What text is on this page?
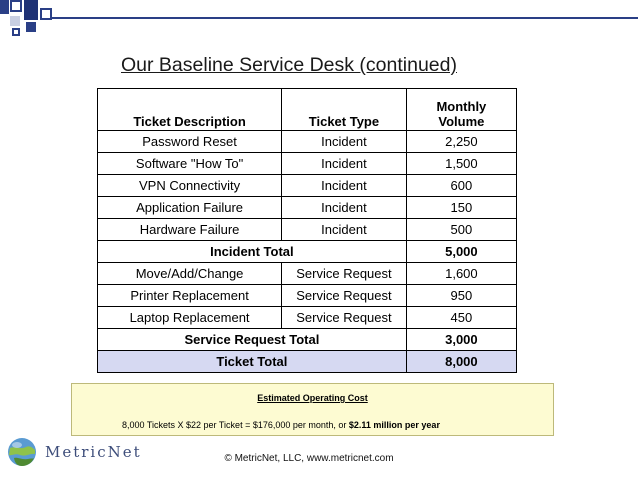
Our Baseline Service Desk (continued)
Ticket Description	Ticket Type	Monthly
Volume
Password Reset	Incident	2,250
Software "How To"	Incident	1,500
VPN Connectivity	Incident	600
Application Failure	Incident	150
Hardware Failure	Incident	500
Incident Total		5,000
Move/Add/Change	Service Request	1,600
Printer Replacement	Service Request	950
Laptop Replacement	Service Request	450
Service Request Total		3,000
Ticket Total		8,000
Estimated Operating Cost
8,000 Tickets X $22 per Ticket = $176,000 per month, or $2.11 million per year
MetricNet	© MetricNet, LLC, www.metricnet.com
